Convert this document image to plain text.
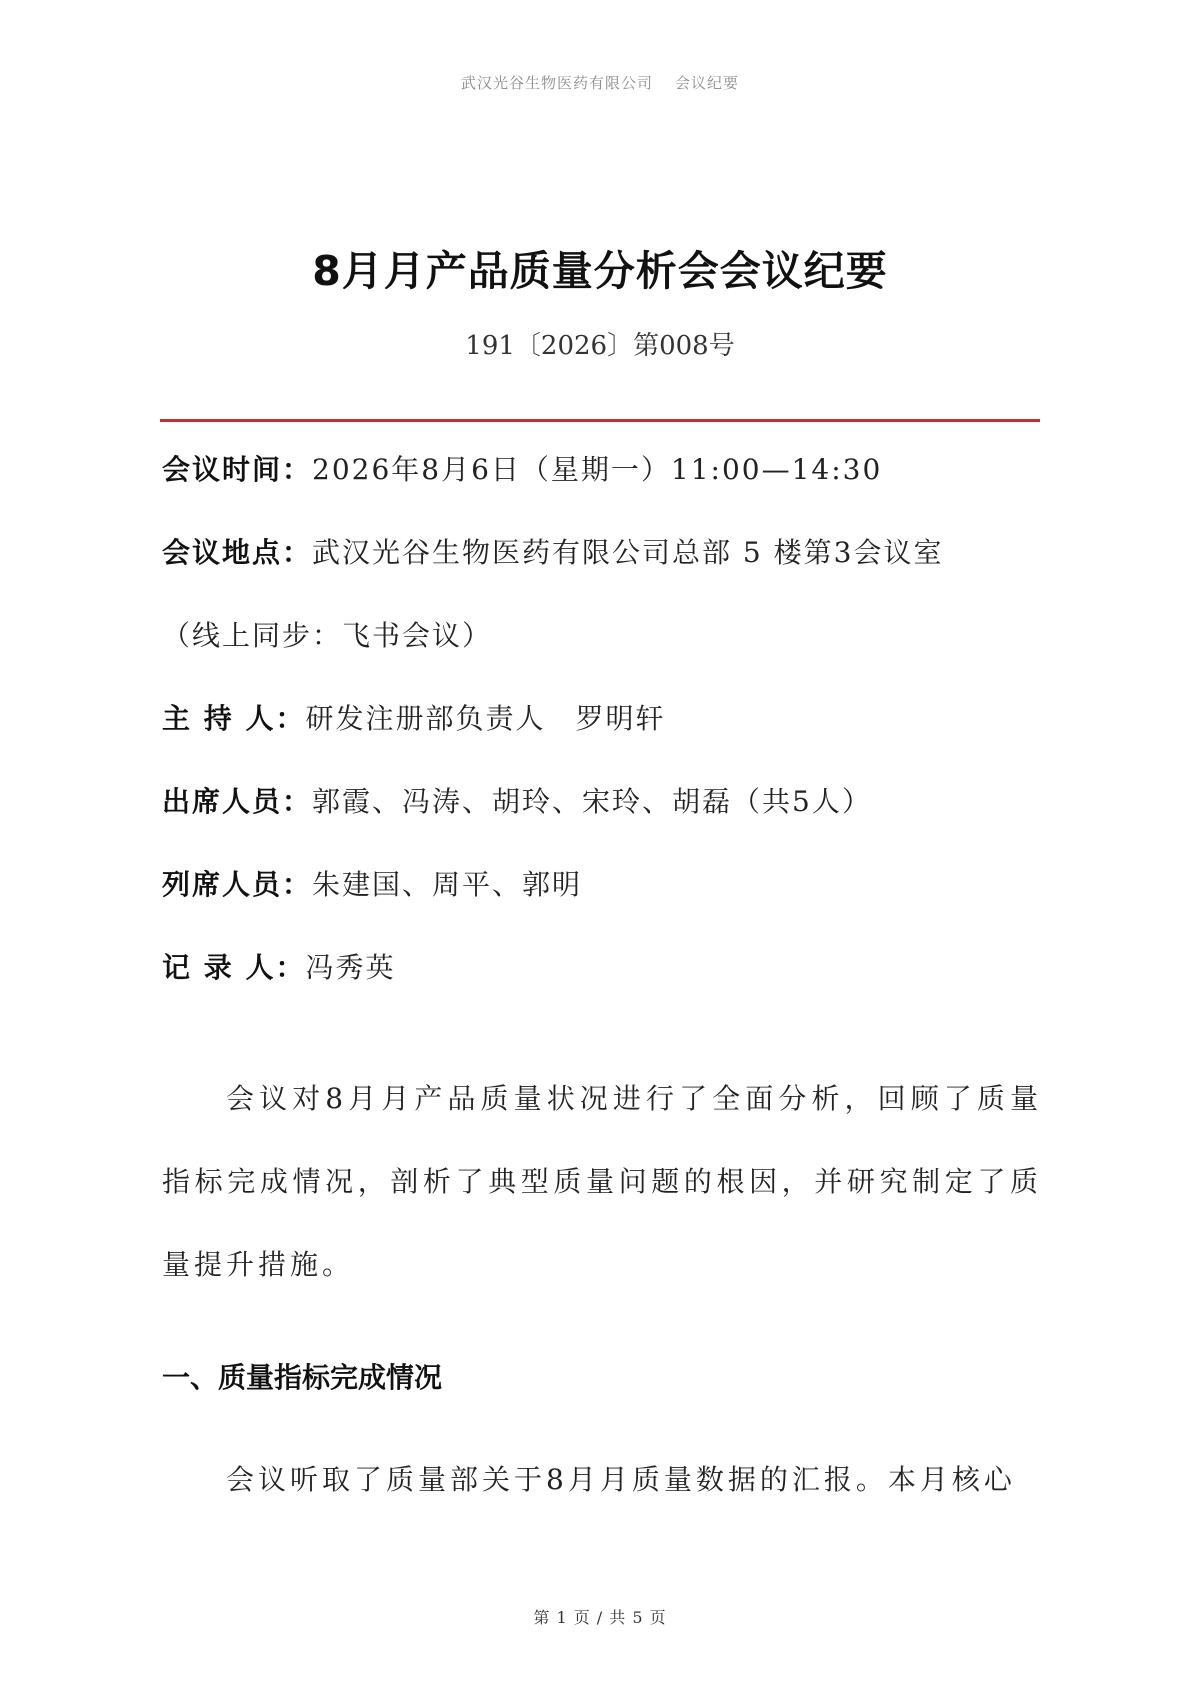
武汉光谷生物医药有限公司 会议纪要
8月月产品质量分析会会议纪要
191〔2026〕第008号
会议时间：2026年8月6日（星期一）11:00—14:30
会议地点：武汉光谷生物医药有限公司总部 5 楼第3会议室
（线上同步：飞书会议）
主 持 人：研发注册部负责人　罗明轩
出席人员：郭霞、冯涛、胡玲、宋玲、胡磊（共5人）
列席人员：朱建国、周平、郭明
记 录 人：冯秀英
会议对8月月产品质量状况进行了全面分析，回顾了质量指标完成情况，剖析了典型质量问题的根因，并研究制定了质量提升措施。
一、质量指标完成情况
会议听取了质量部关于8月月质量数据的汇报。本月核心
第 1 页 / 共 5 页
